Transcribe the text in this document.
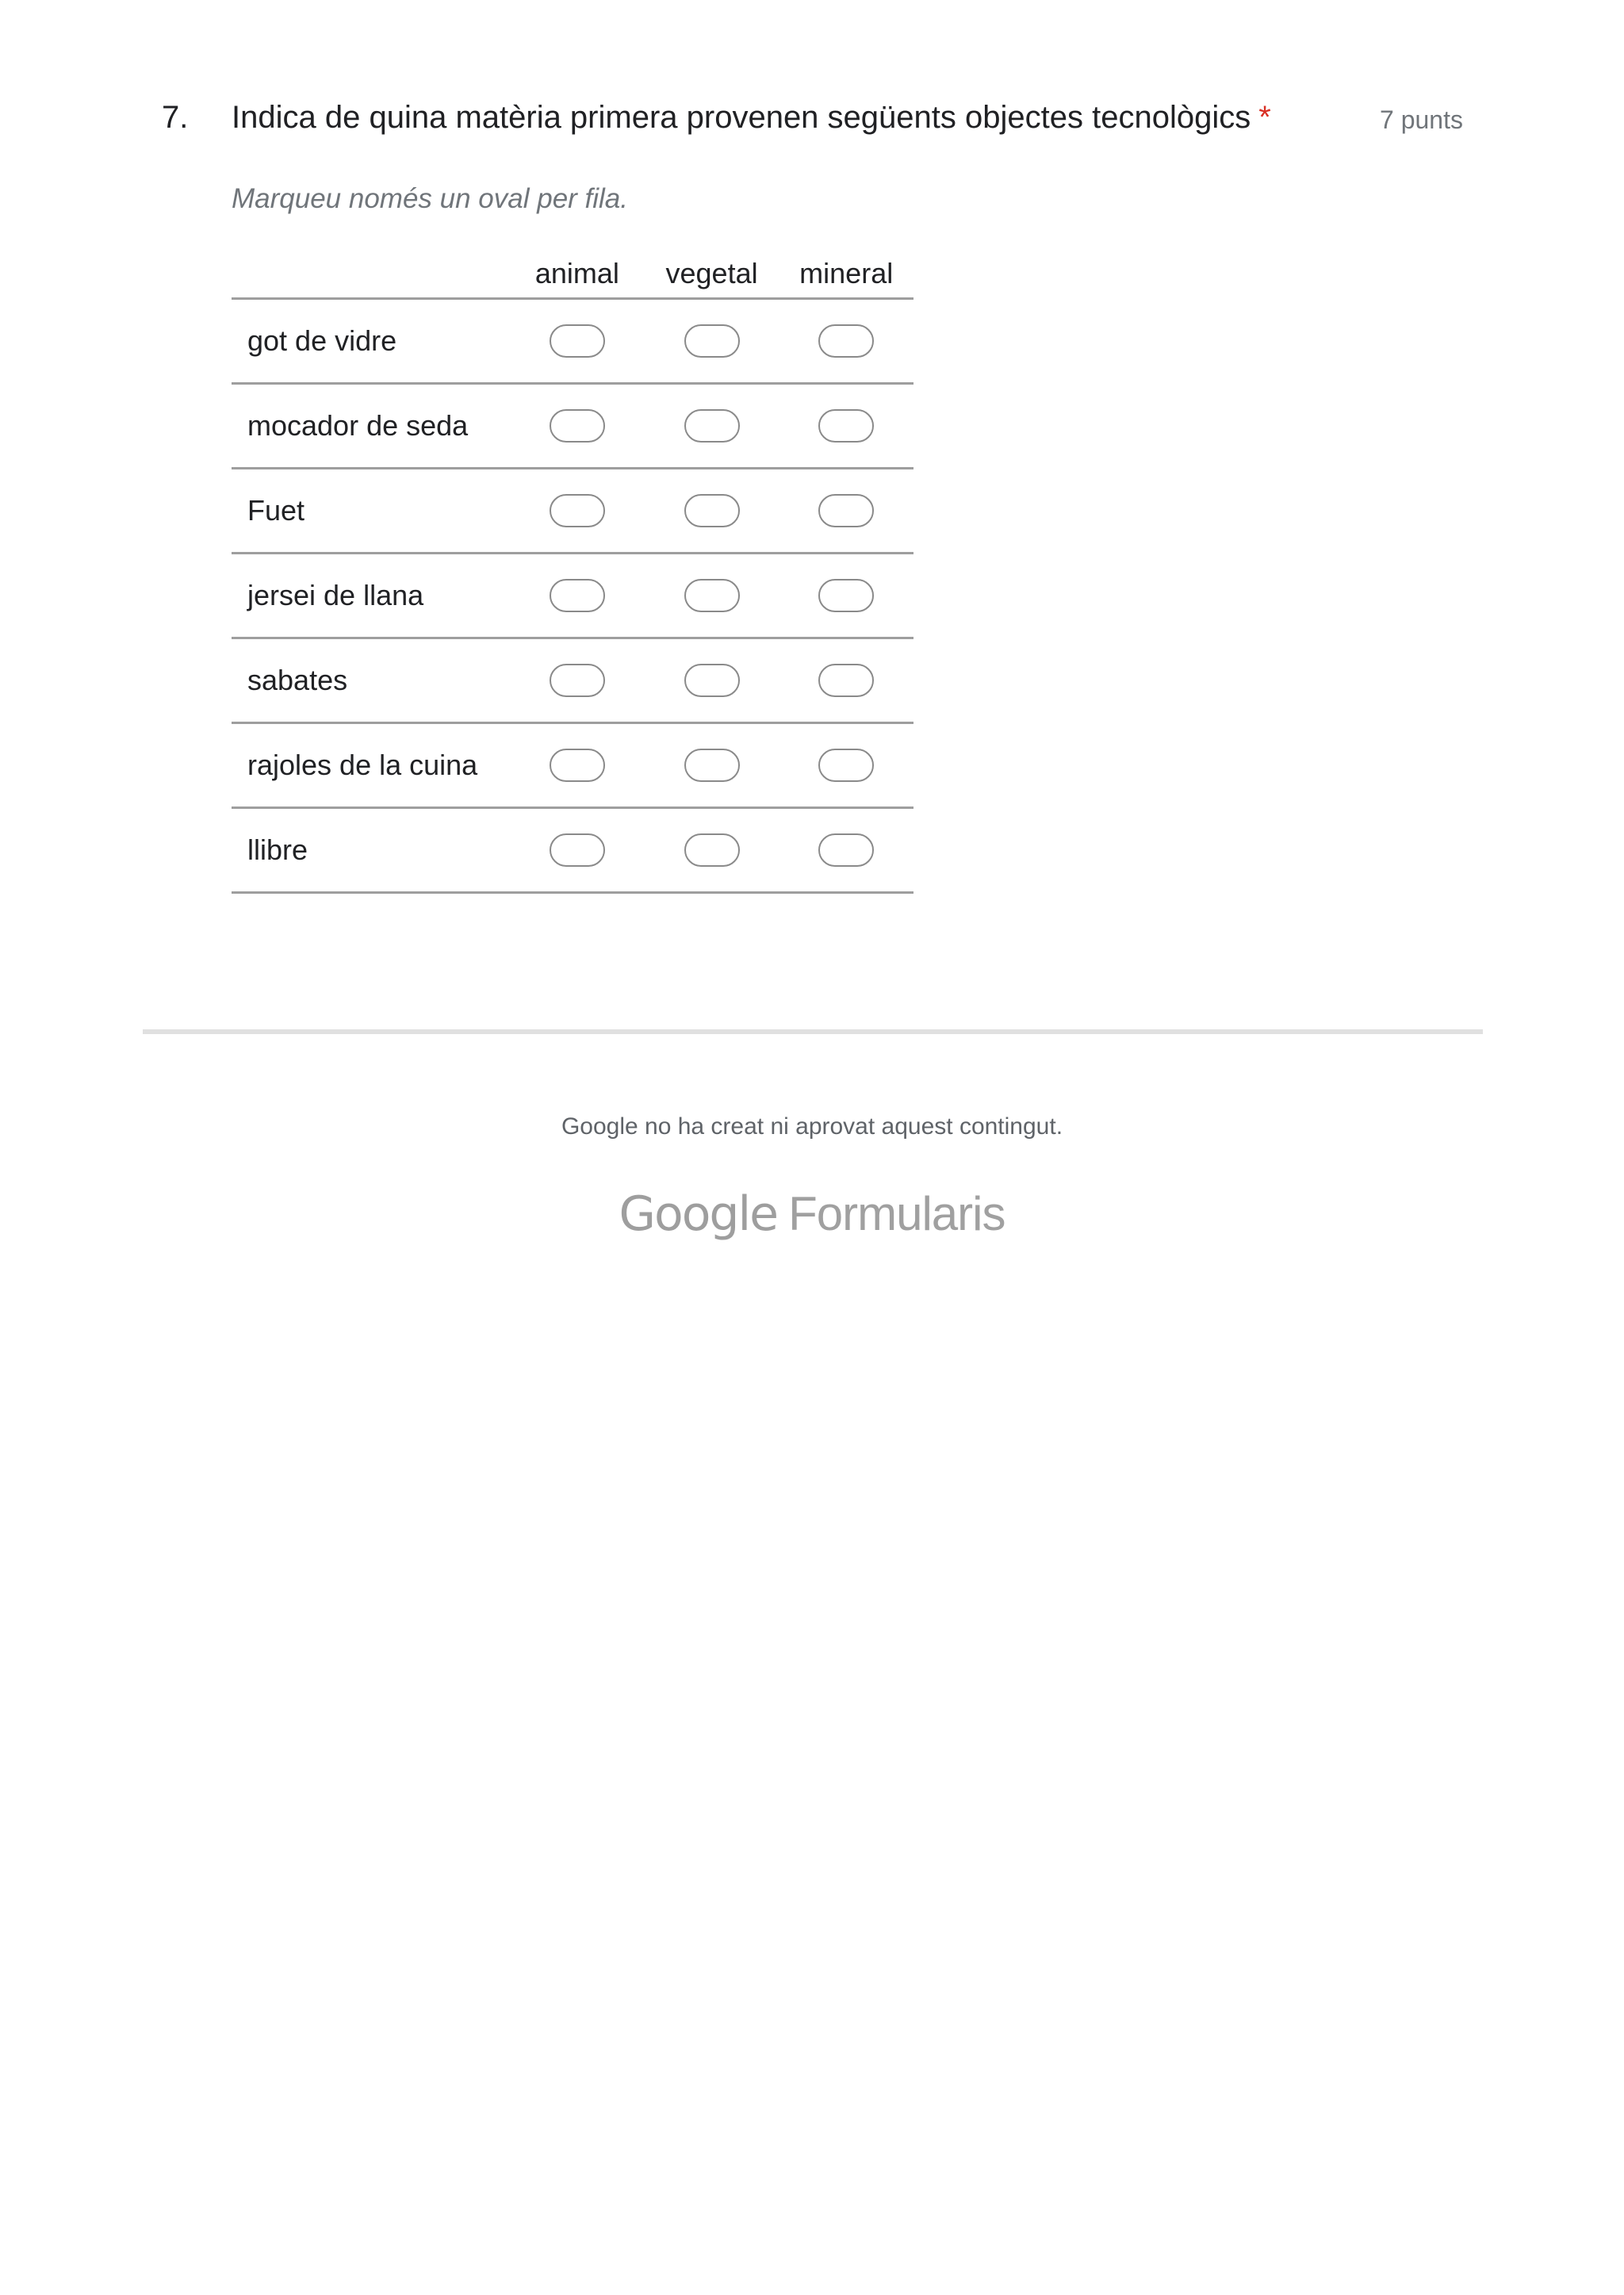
7. Indica de quina matèria primera provenen següents objectes tecnològics *	7 punts
Marqueu només un oval per fila.
animal	vegetal	mineral
got de vidre
mocador de seda
Fuet
jersei de llana
sabates
rajoles de la cuina
llibre
Google no ha creat ni aprovat aquest contingut.
Google Formularis
